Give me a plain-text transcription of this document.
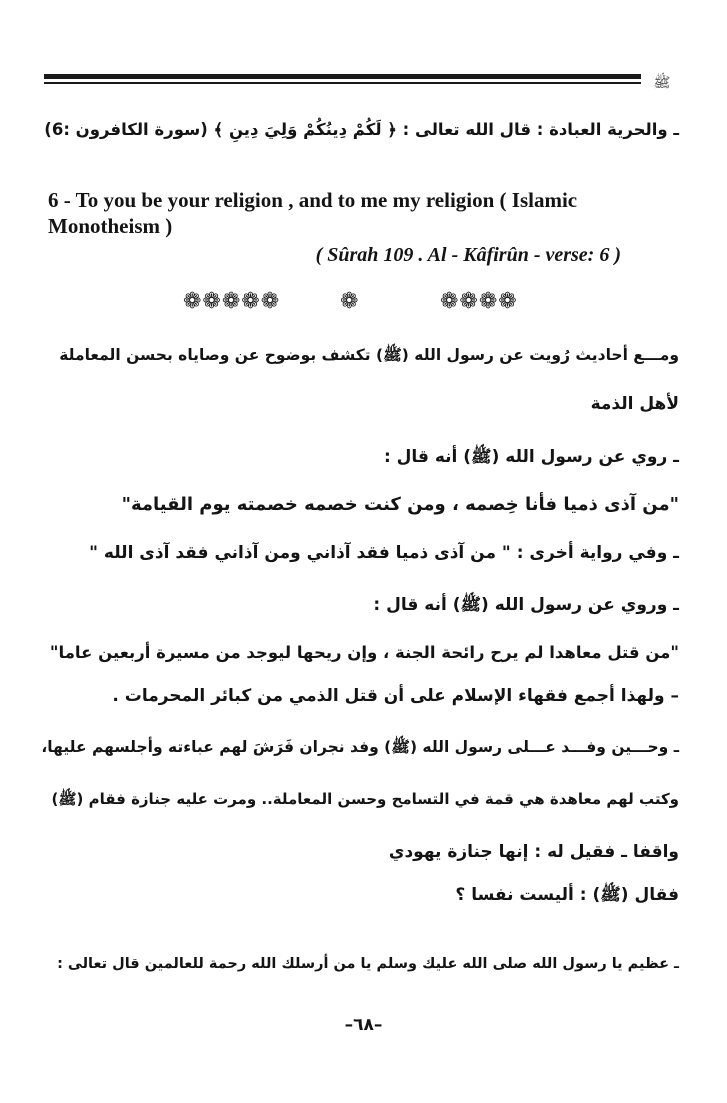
ﷺ
ـ والحرية العبادة : قال الله تعالى : ﴿ لَكُمْ دِينُكُمْ وَلِيَ دِينِ ﴾ (سورة الكافرون :6)
6 - To you be your religion , and to me my religion ( Islamic Monotheism )
( Sûrah 109 . Al - Kâfirûn - verse: 6 )
❁❁❁❁
❁
❁❁❁❁❁
ومـــع أحاديث رُويت عن رسول الله (ﷺ) تكشف بوضوح عن وصاياه بحسن المعاملة
لأهل الذمة
ـ روي عن رسول الله (ﷺ) أنه قال :
"من آذى ذميا فأنا خِصمه ، ومن كنت خصمه خصمته يوم القيامة"
ـ وفي رواية أخرى : " من آذى ذميا فقد آذاني ومن آذاني فقد آذى الله "
ـ وروي عن رسول الله (ﷺ) أنه قال :
"من قتل معاهدا لم يرح رائحة الجنة ، وإن ريحها ليوجد من مسيرة أربعين عاما"
– ولهذا أجمع فقهاء الإسلام على أن قتل الذمي من كبائر المحرمات .
ـ وحـــين وفـــد عـــلى رسول الله (ﷺ) وفد نجران فَرَشَ لهم عباءته وأجلسهم عليها،
وكتب لهم معاهدة هي قمة في التسامح وحسن المعاملة.. ومرت عليه جنازة فقام (ﷺ)
واقفا ـ فقيل له : إنها جنازة يهودي
فقال (ﷺ) : أليست نفسا ؟
ـ عظيم يا رسول الله صلى الله عليك وسلم يا من أرسلك الله رحمة للعالمين قال تعالى :
–٦٨–
